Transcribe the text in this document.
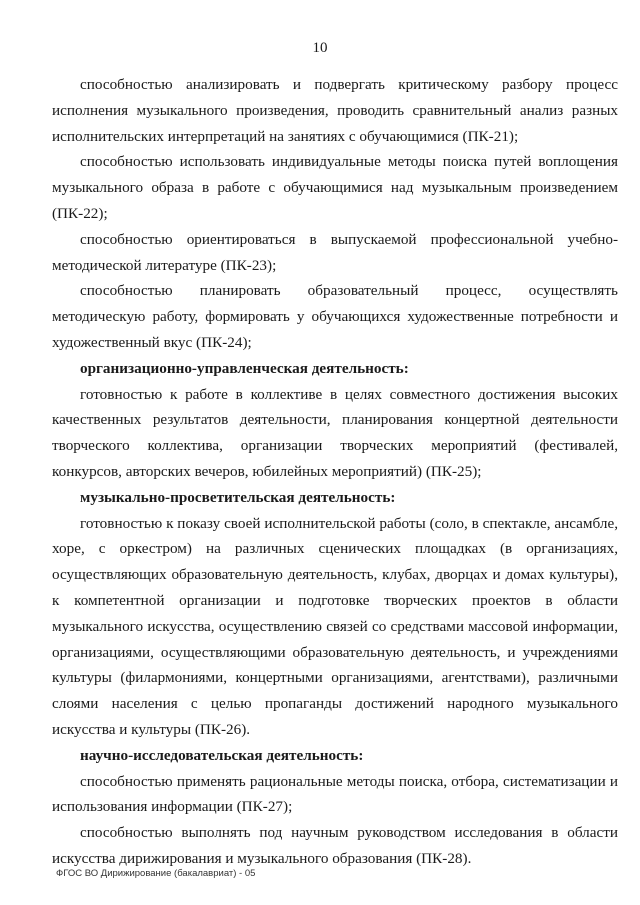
10

способностью анализировать и подвергать критическому разбору процесс исполнения музыкального произведения, проводить сравнительный анализ разных исполнительских интерпретаций на занятиях с обучающимися (ПК-21);

способностью использовать индивидуальные методы поиска путей воплощения музыкального образа в работе с обучающимися над музыкальным произведением (ПК-22);

способностью ориентироваться в выпускаемой профессиональной учебно-методической литературе (ПК-23);

способностью планировать образовательный процесс, осуществлять методическую работу, формировать у обучающихся художественные потребности и художественный вкус (ПК-24);

организационно-управленческая деятельность:

готовностью к работе в коллективе в целях совместного достижения высоких качественных результатов деятельности, планирования концертной деятельности творческого коллектива, организации творческих мероприятий (фестивалей, конкурсов, авторских вечеров, юбилейных мероприятий) (ПК-25);

музыкально-просветительская деятельность:

готовностью к показу своей исполнительской работы (соло, в спектакле, ансамбле, хоре, с оркестром) на различных сценических площадках (в организациях, осуществляющих образовательную деятельность, клубах, дворцах и домах культуры), к компетентной организации и подготовке творческих проектов в области музыкального искусства, осуществлению связей со средствами массовой информации, организациями, осуществляющими образовательную деятельность, и учреждениями культуры (филармониями, концертными организациями, агентствами), различными слоями населения с целью пропаганды достижений народного музыкального искусства и культуры (ПК-26).

научно-исследовательская деятельность:

способностью применять рациональные методы поиска, отбора, систематизации и использования информации (ПК-27);

способностью выполнять под научным руководством исследования в области искусства дирижирования и музыкального образования (ПК-28).

ФГОС ВО Дирижирование (бакалавриат) - 05
